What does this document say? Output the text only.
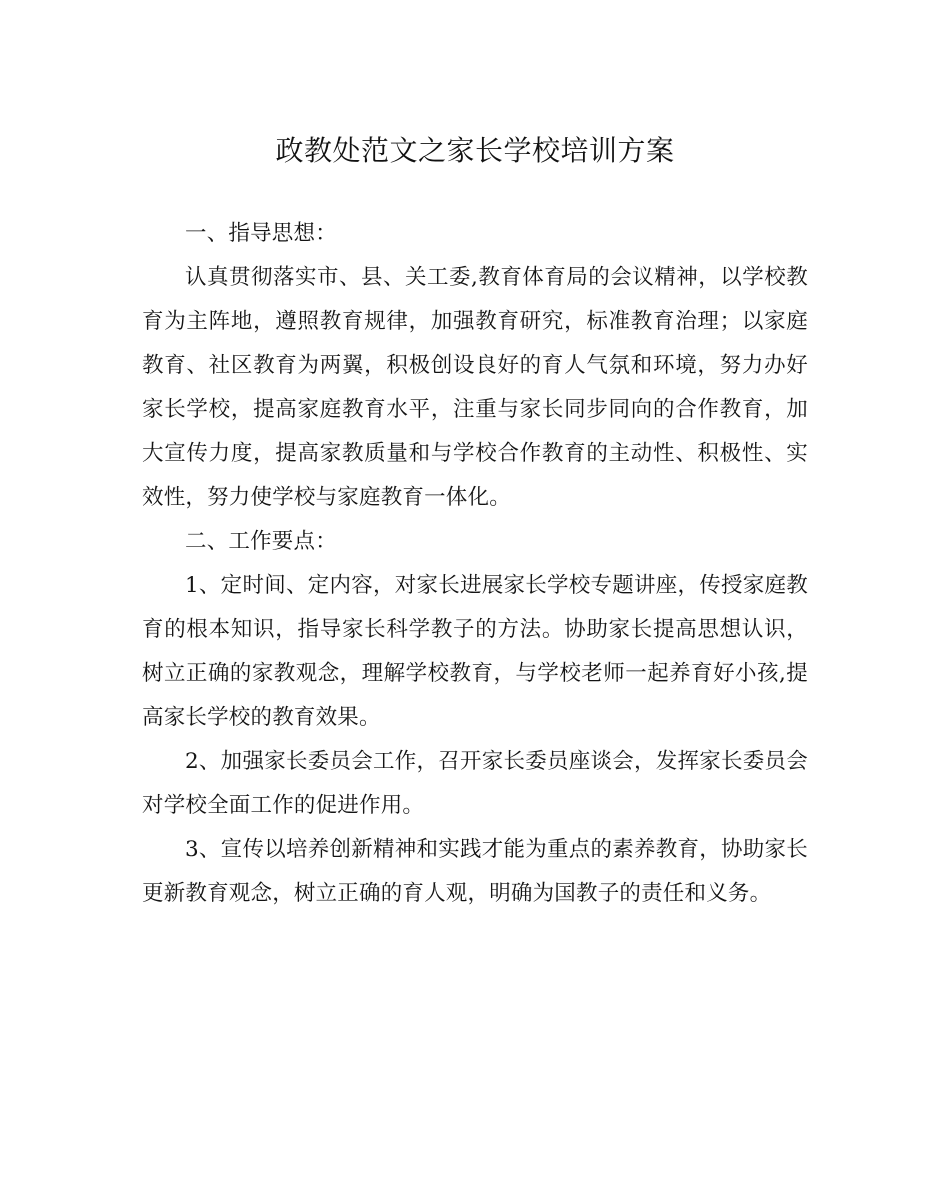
政教处范文之家长学校培训方案

一、指导思想：

认真贯彻落实市、县、关工委,教育体育局的会议精神，以学校教育为主阵地，遵照教育规律，加强教育研究，标准教育治理；以家庭教育、社区教育为两翼，积极创设良好的育人气氛和环境，努力办好家长学校，提高家庭教育水平，注重与家长同步同向的合作教育，加大宣传力度，提高家教质量和与学校合作教育的主动性、积极性、实效性，努力使学校与家庭教育一体化。

二、工作要点：

1、定时间、定内容，对家长进展家长学校专题讲座，传授家庭教育的根本知识，指导家长科学教子的方法。协助家长提高思想认识，树立正确的家教观念，理解学校教育，与学校老师一起养育好小孩,提高家长学校的教育效果。

2、加强家长委员会工作，召开家长委员座谈会，发挥家长委员会对学校全面工作的促进作用。

3、宣传以培养创新精神和实践才能为重点的素养教育，协助家长更新教育观念，树立正确的育人观，明确为国教子的责任和义务。
